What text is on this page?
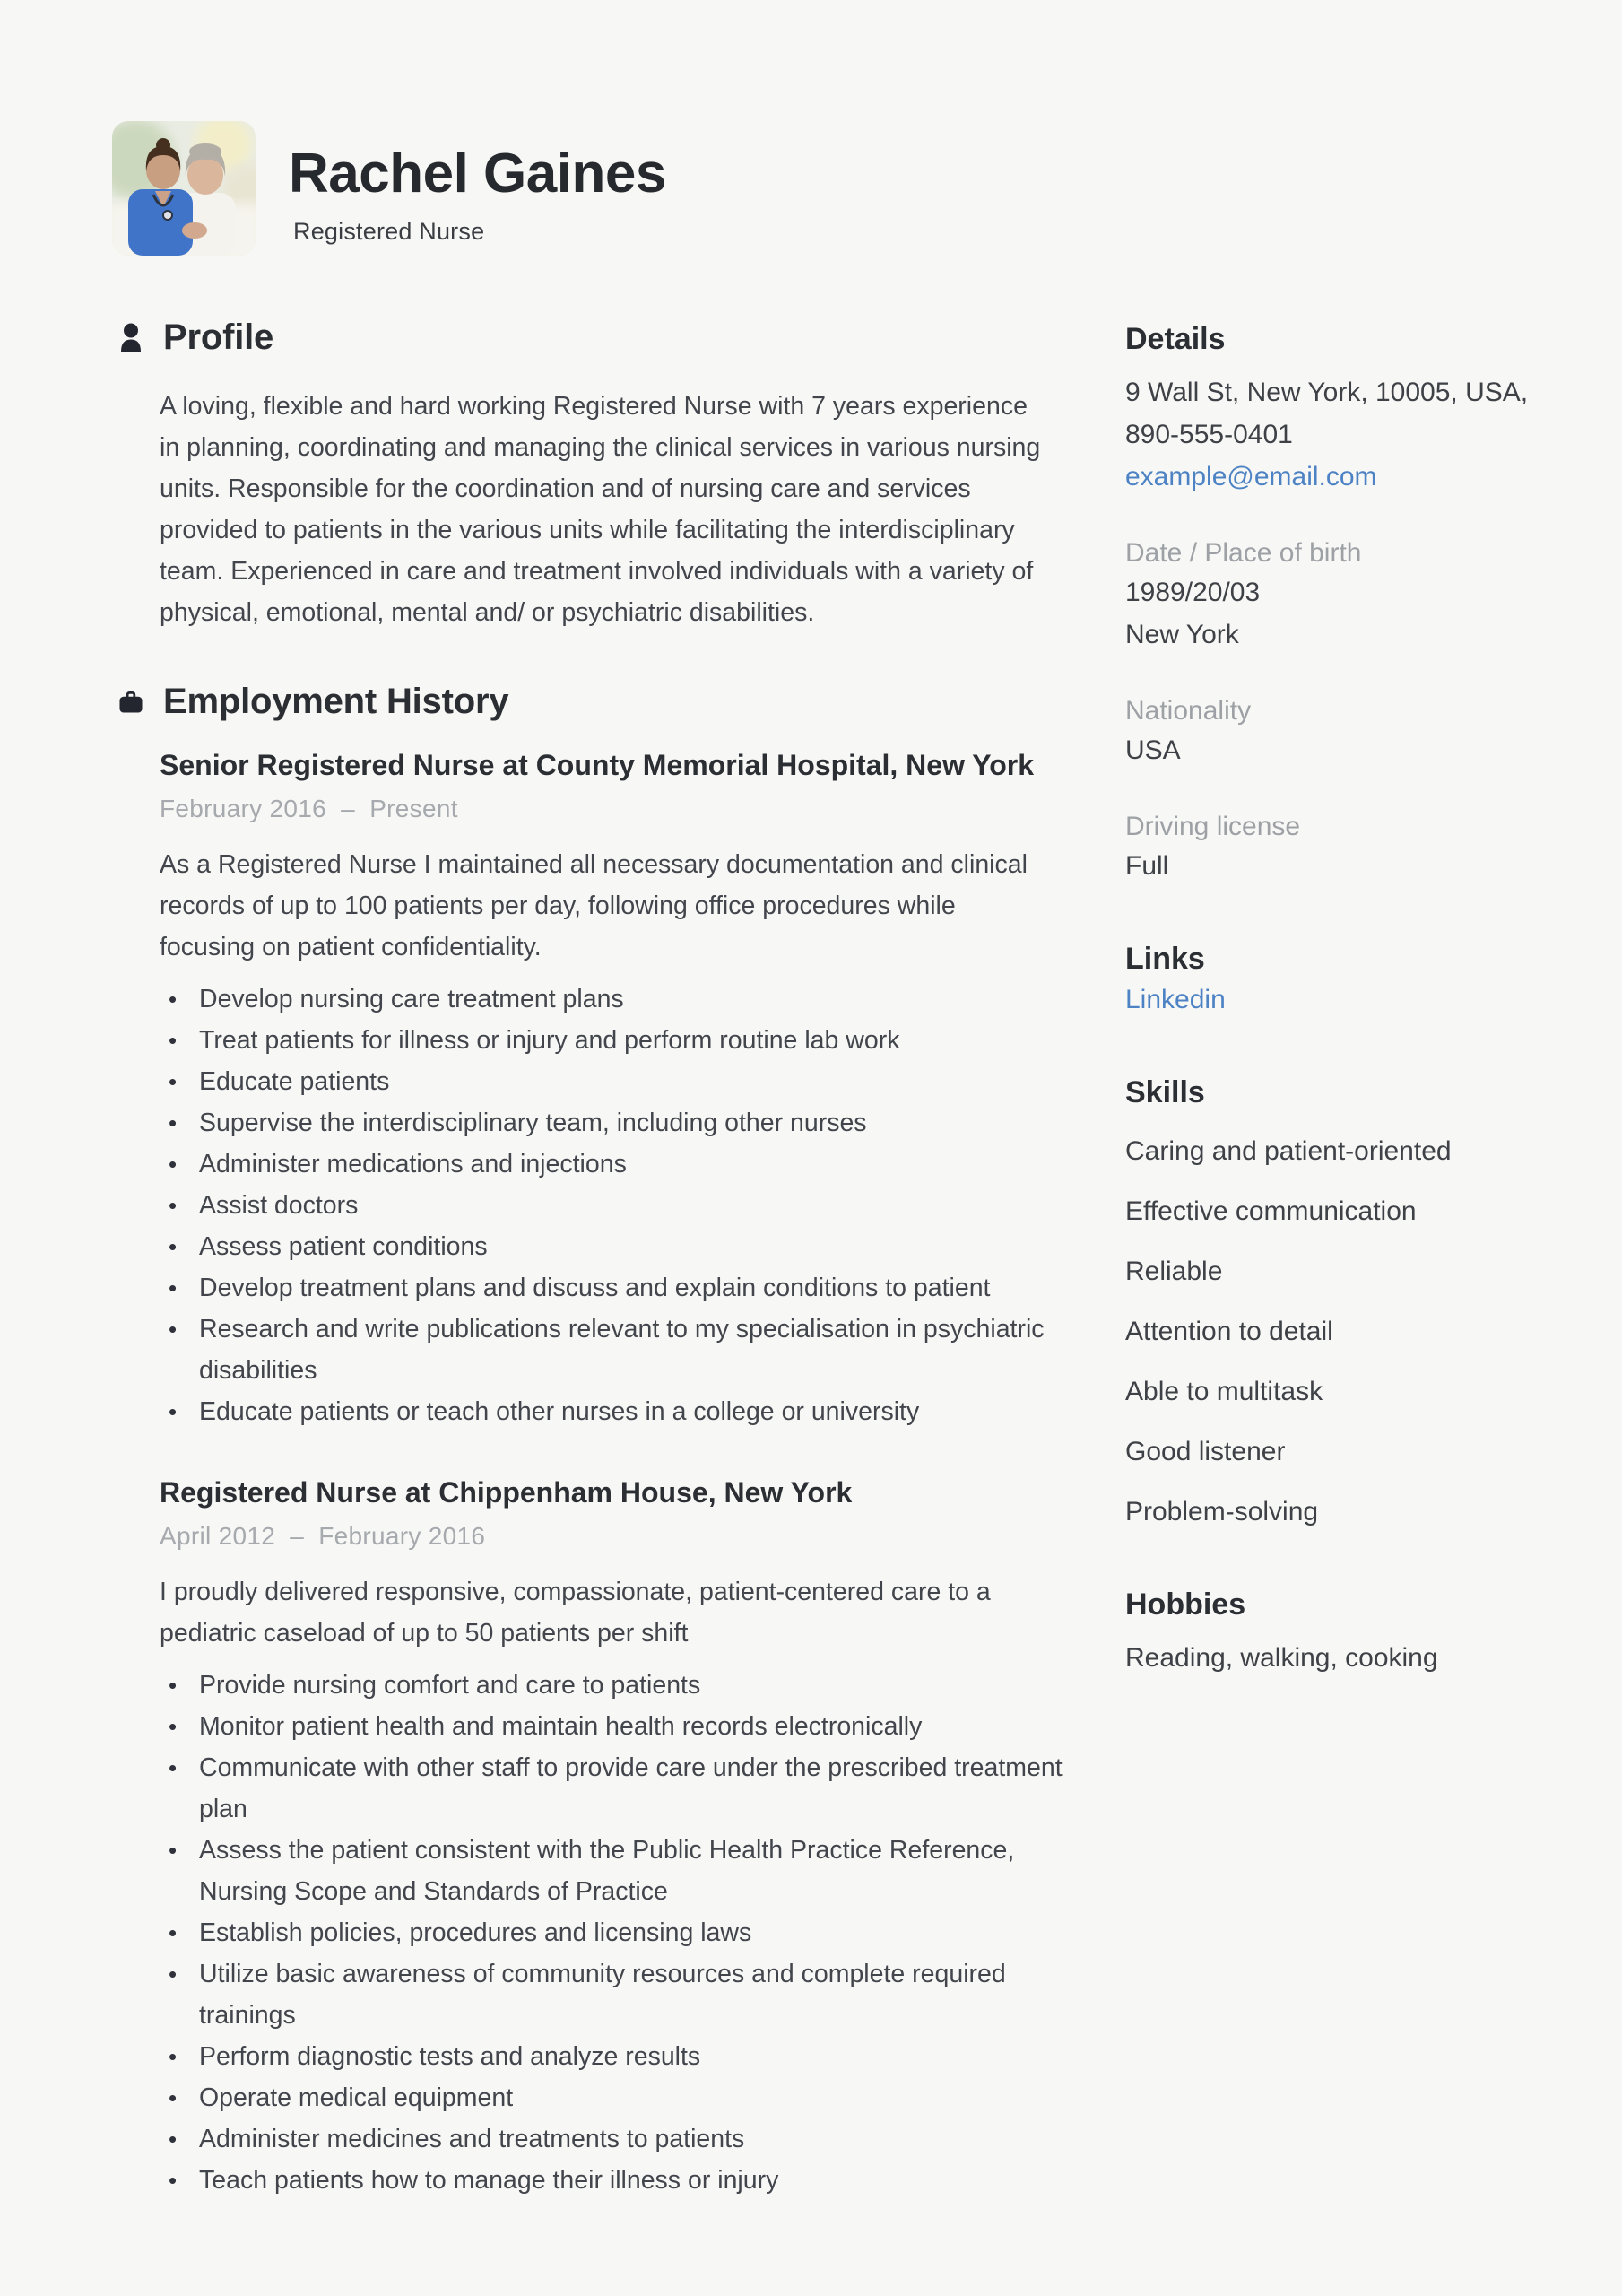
Rachel Gaines
Registered Nurse
Profile

A loving, flexible and hard working Registered Nurse with 7 years experience in planning, coordinating and managing the clinical services in various nursing units. Responsible for the coordination and of nursing care and services provided to patients in the various units while facilitating the interdisciplinary team. Experienced in care and treatment involved individuals with a variety of physical, emotional, mental and/ or psychiatric disabilities.

Employment History
Senior Registered Nurse at County Memorial Hospital, New York
February 2016  –  Present

As a Registered Nurse I maintained all necessary documentation and clinical records of up to 100 patients per day, following office procedures while focusing on patient confidentiality.

• Develop nursing care treatment plans
• Treat patients for illness or injury and perform routine lab work
• Educate patients
• Supervise the interdisciplinary team, including other nurses
• Administer medications and injections
• Assist doctors
• Assess patient conditions
• Develop treatment plans and discuss and explain conditions to patient
• Research and write publications relevant to my specialisation in psychiatric disabilities
• Educate patients or teach other nurses in a college or university
Registered Nurse at Chippenham House, New York
April 2012  –  February 2016

I proudly delivered responsive, compassionate, patient-centered care to a pediatric caseload of up to 50 patients per shift

• Provide nursing comfort and care to patients
• Monitor patient health and maintain health records electronically
• Communicate with other staff to provide care under the prescribed treatment plan
• Assess the patient consistent with the Public Health Practice Reference, Nursing Scope and Standards of Practice
• Establish policies, procedures and licensing laws
• Utilize basic awareness of community resources and complete required trainings
• Perform diagnostic tests and analyze results
• Operate medical equipment
• Administer medicines and treatments to patients
• Teach patients how to manage their illness or injury
Details
9 Wall St, New York, 10005, USA,
890-555-0401
example@email.com
Date / Place of birth
1989/20/03
New York
Nationality
USA
Driving license
Full
Links
Linkedin
Skills
Caring and patient-oriented
Effective communication
Reliable
Attention to detail
Able to multitask
Good listener
Problem-solving
Hobbies
Reading, walking, cooking
